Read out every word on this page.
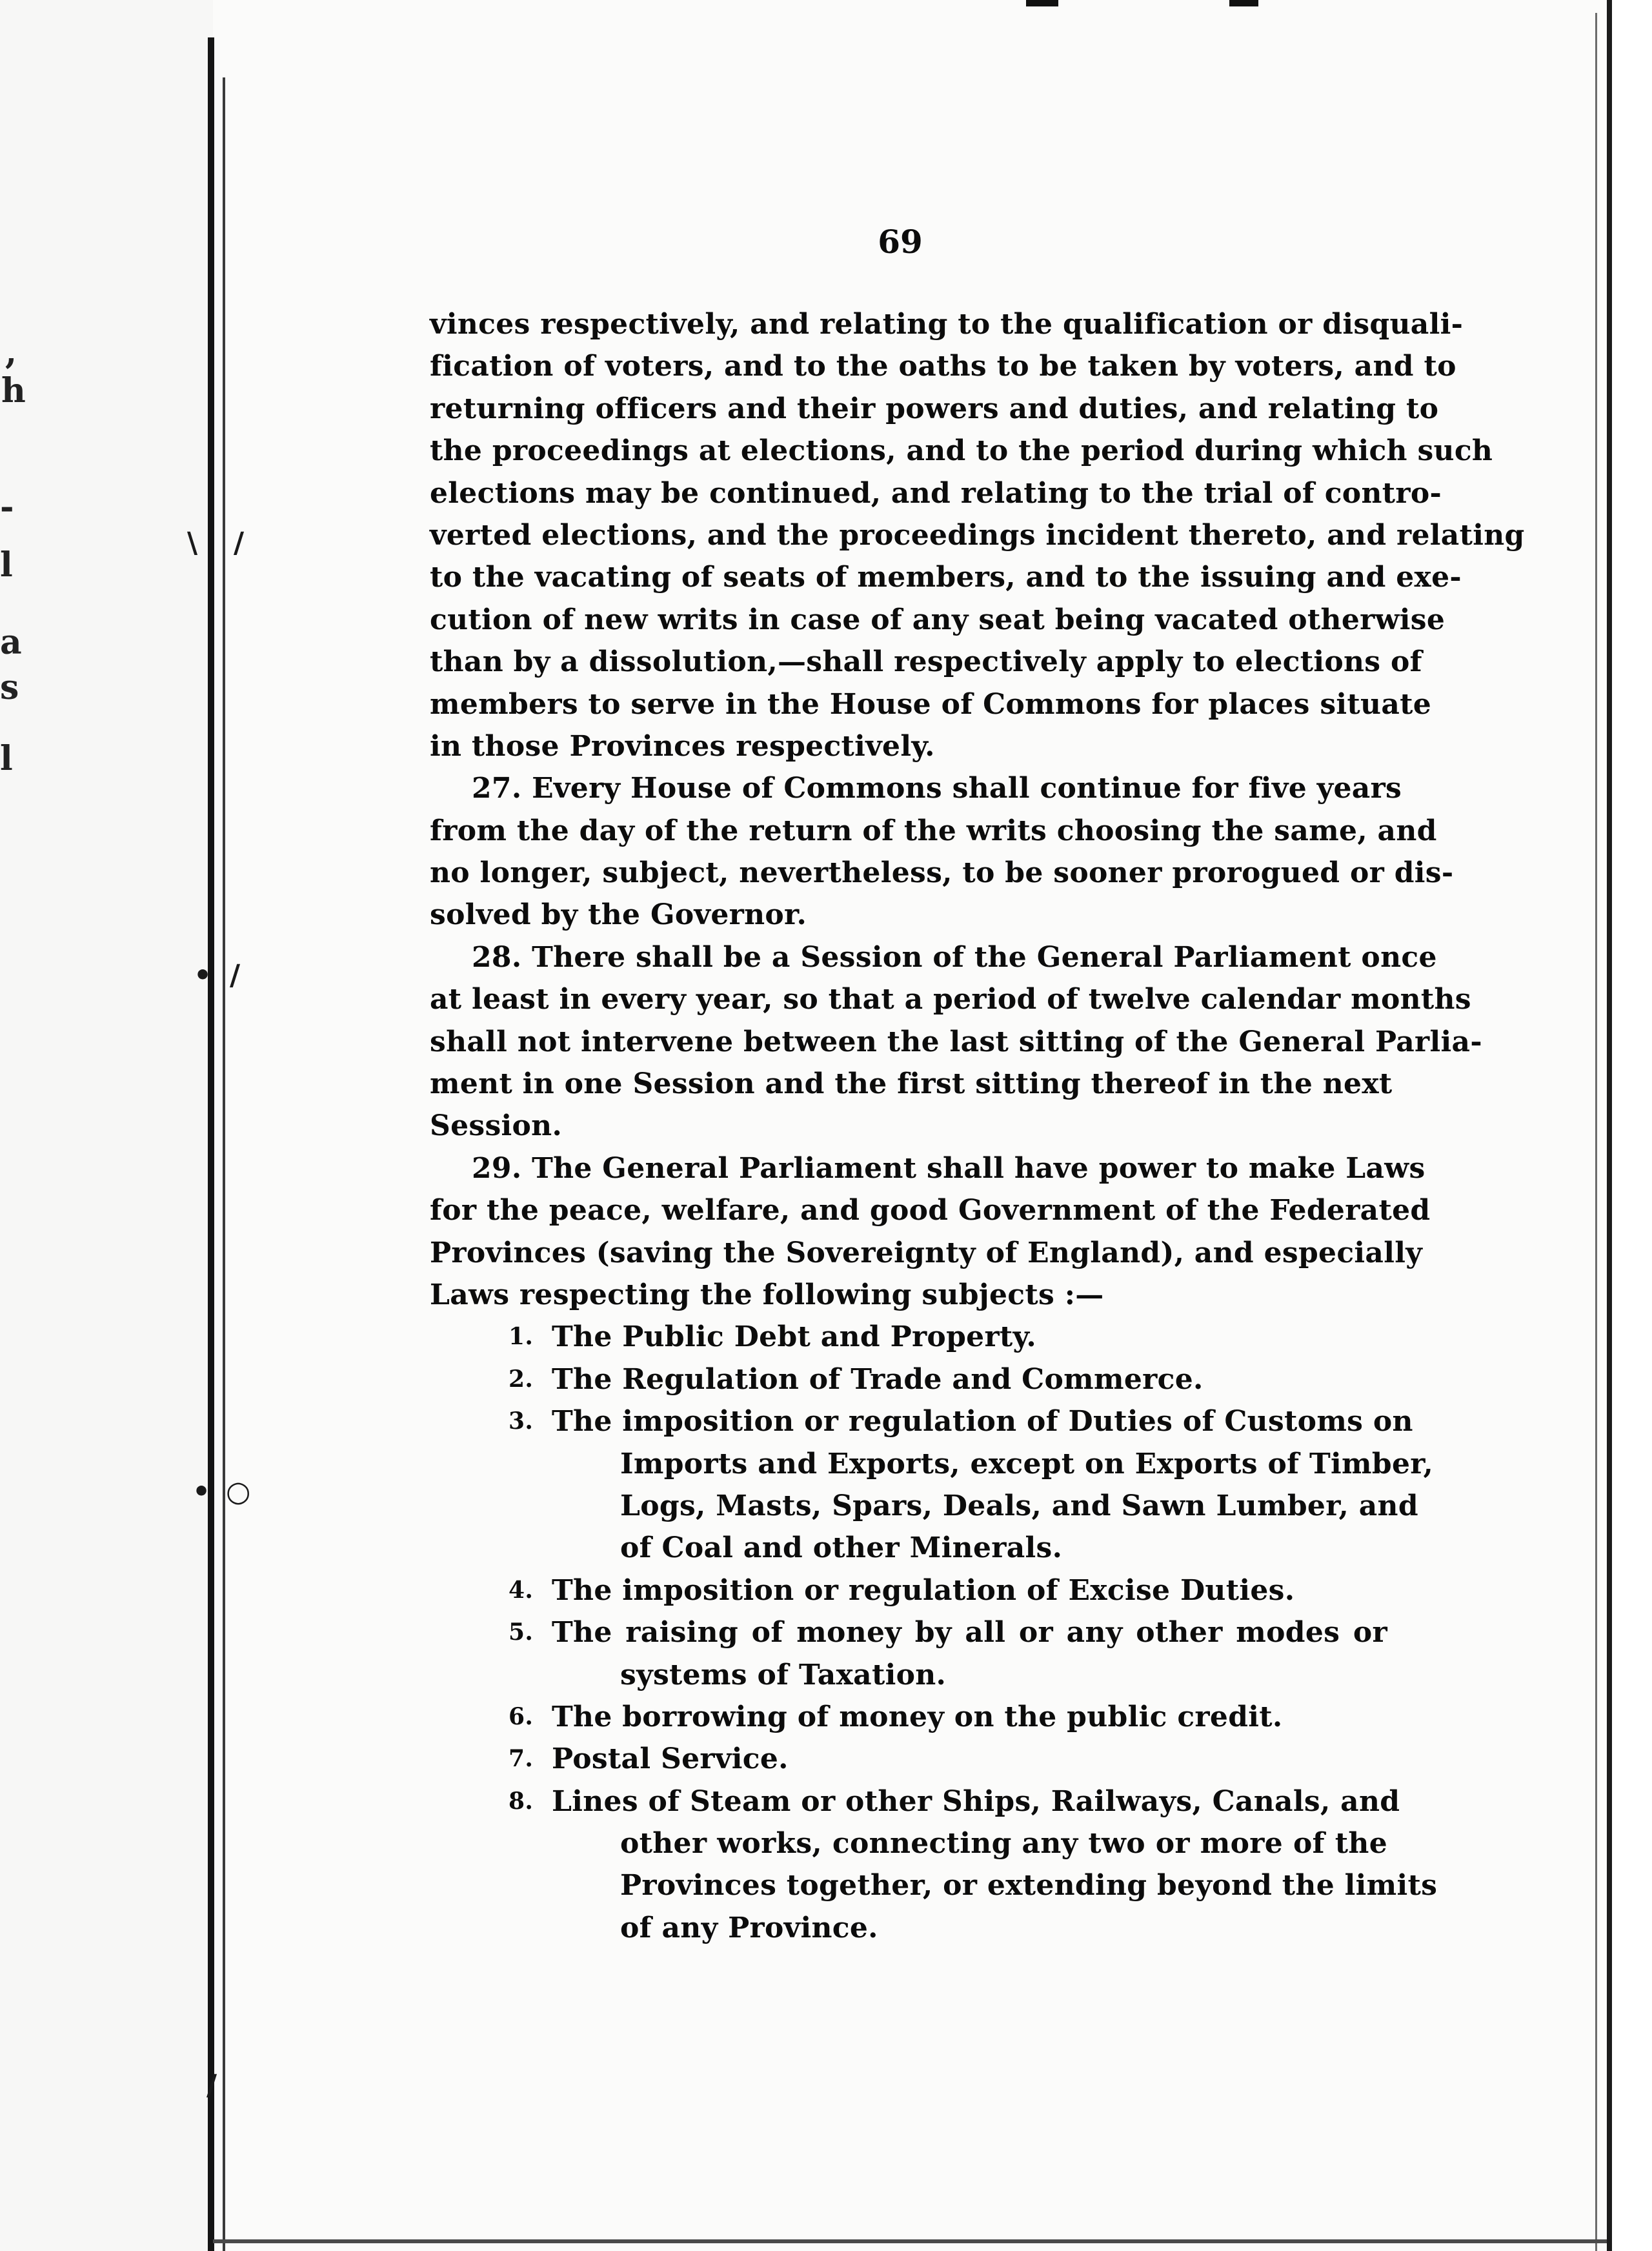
,
h
-
l
a
s
l
\ /
• /
• ○
/
69
vinces respectively, and relating to the qualification or disquali-
fication of voters, and to the oaths to be taken by voters, and to
returning officers and their powers and duties, and relating to
the proceedings at elections, and to the period during which such
elections may be continued, and relating to the trial of contro-
verted elections, and the proceedings incident thereto, and relating
to the vacating of seats of members, and to the issuing and exe-
cution of new writs in case of any seat being vacated otherwise
than by a dissolution,—shall respectively apply to elections of
members to serve in the House of Commons for places situate
in those Provinces respectively.
27. Every House of Commons shall continue for five years
from the day of the return of the writs choosing the same, and
no longer, subject, nevertheless, to be sooner prorogued or dis-
solved by the Governor.
28. There shall be a Session of the General Parliament once
at least in every year, so that a period of twelve calendar months
shall not intervene between the last sitting of the General Parlia-
ment in one Session and the first sitting thereof in the next
Session.
29. The General Parliament shall have power to make Laws
for the peace, welfare, and good Government of the Federated
Provinces (saving the Sovereignty of England), and especially
Laws respecting the following subjects :—
1. The Public Debt and Property.
2. The Regulation of Trade and Commerce.
3. The imposition or regulation of Duties of Customs on
Imports and Exports, except on Exports of Timber,
Logs, Masts, Spars, Deals, and Sawn Lumber, and
of Coal and other Minerals.
4. The imposition or regulation of Excise Duties.
5. The raising of money by all or any other modes or
systems of Taxation.
6. The borrowing of money on the public credit.
7. Postal Service.
8. Lines of Steam or other Ships, Railways, Canals, and
other works, connecting any two or more of the
Provinces together, or extending beyond the limits
of any Province.
